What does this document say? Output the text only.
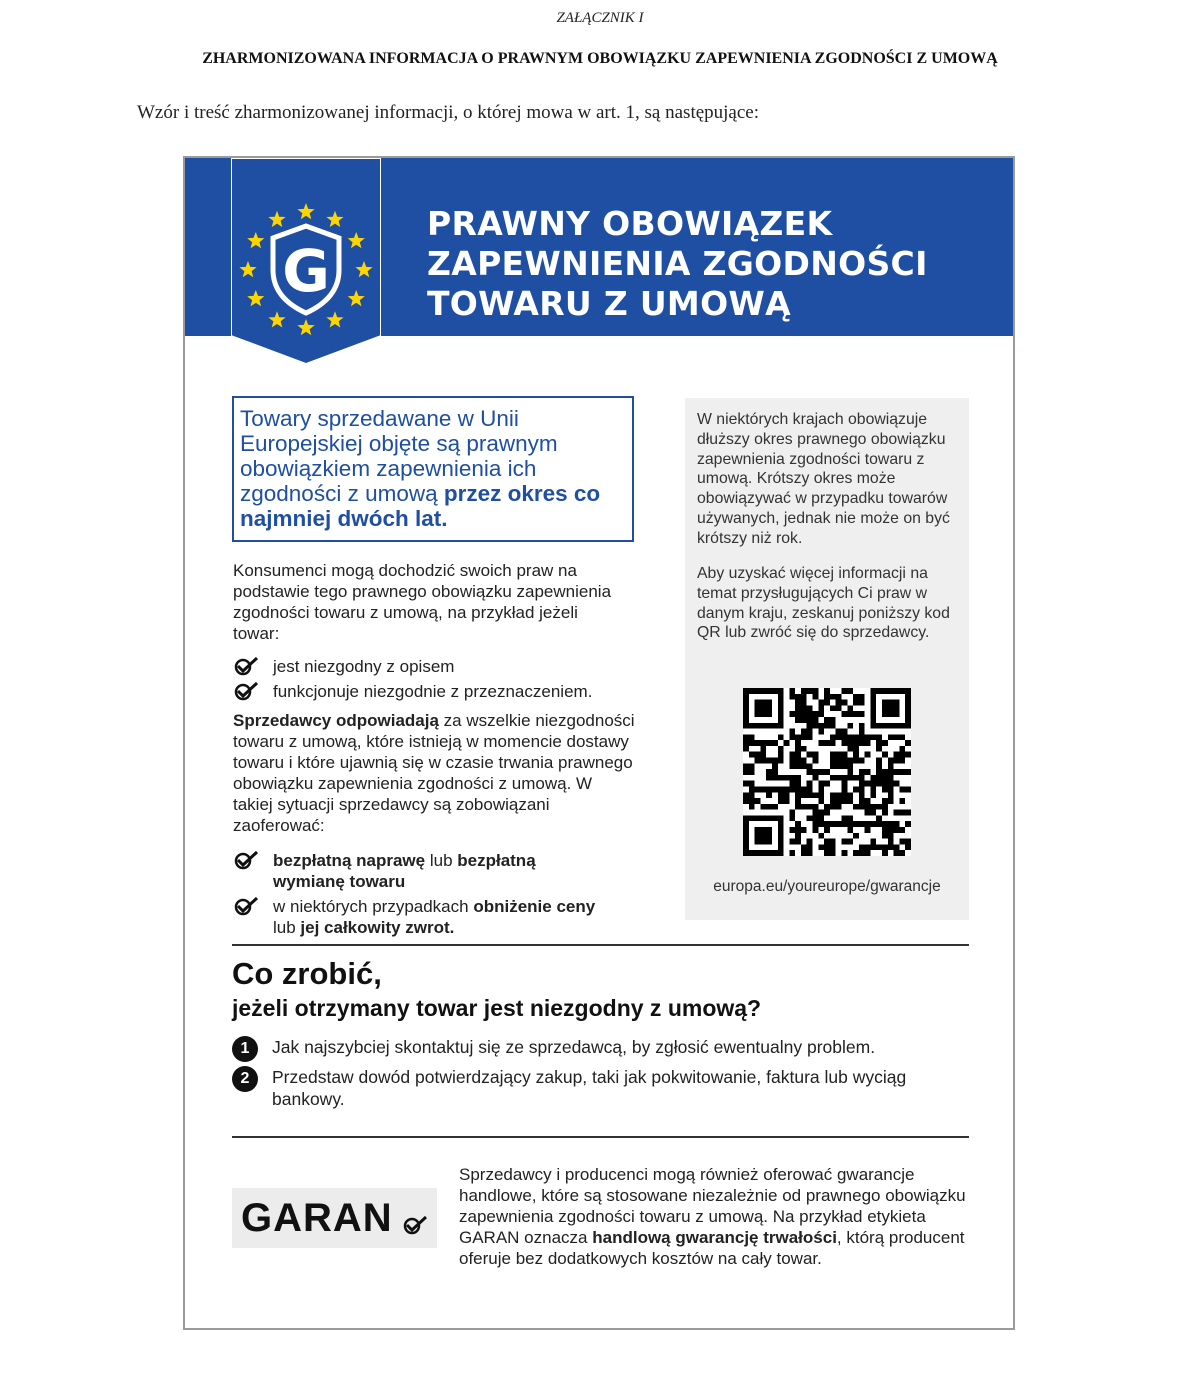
ZAŁĄCZNIK I
ZHARMONIZOWANA INFORMACJA O PRAWNYM OBOWIĄZKU ZAPEWNIENIA ZGODNOŚCI Z UMOWĄ
Wzór i treść zharmonizowanej informacji, o której mowa w art. 1, są następujące:
G
PRAWNY OBOWIĄZEK
ZAPEWNIENIA ZGODNOŚCI
TOWARU Z UMOWĄ
Towary sprzedawane w Unii Europejskiej objęte są prawnym obowiązkiem zapewnienia ich zgodności z umową przez okres co najmniej dwóch lat.
Konsumenci mogą dochodzić swoich praw na podstawie tego prawnego obowiązku zapewnienia zgodności towaru z umową, na przykład jeżeli towar:
jest niezgodny z opisem
funkcjonuje niezgodnie z przeznaczeniem.
Sprzedawcy odpowiadają za wszelkie niezgodności towaru z umową, które istnieją w momencie dostawy towaru i które ujawnią się w czasie trwania prawnego obowiązku zapewnienia zgodności z umową. W takiej sytuacji sprzedawcy są zobowiązani zaoferować:
bezpłatną naprawę lub bezpłatną wymianę towaru
w niektórych przypadkach obniżenie ceny lub jej całkowity zwrot.
W niektórych krajach obowiązuje dłuższy okres prawnego obowiązku zapewnienia zgodności towaru z umową. Krótszy okres może obowiązywać w przypadku towarów używanych, jednak nie może on być krótszy niż rok.
Aby uzyskać więcej informacji na temat przysługujących Ci praw w danym kraju, zeskanuj poniższy kod QR lub zwróć się do sprzedawcy.
europa.eu/youreurope/gwarancje
Co zrobić,
jeżeli otrzymany towar jest niezgodny z umową?
1	Jak najszybciej skontaktuj się ze sprzedawcą, by zgłosić ewentualny problem.
2	Przedstaw dowód potwierdzający zakup, taki jak pokwitowanie, faktura lub wyciąg bankowy.
GARAN
Sprzedawcy i producenci mogą również oferować gwarancje handlowe, które są stosowane niezależnie od prawnego obowiązku zapewnienia zgodności towaru z umową. Na przykład etykieta GARAN oznacza handlową gwarancję trwałości, którą producent oferuje bez dodatkowych kosztów na cały towar.
